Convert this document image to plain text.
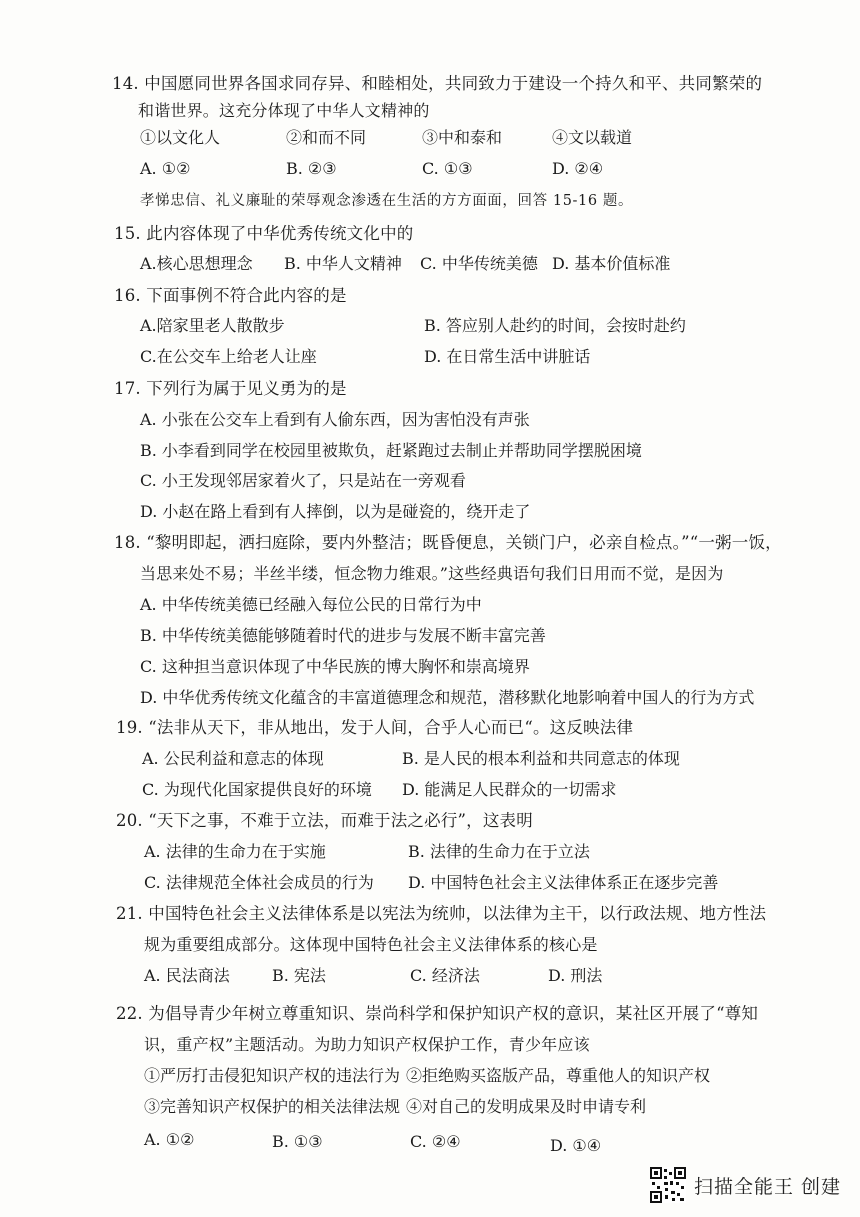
14. 中国愿同世界各国求同存异、和睦相处，共同致力于建设一个持久和平、共同繁荣的
和谐世界。这充分体现了中华人文精神的
①以文化人	②和而不同	③中和泰和	④文以载道
A. ①②	B. ②③	C. ①③	D. ②④
孝悌忠信、礼义廉耻的荣辱观念渗透在生活的方方面面，回答 15-16 题。
15. 此内容体现了中华优秀传统文化中的
A.核心思想理念 B. 中华人文精神 C. 中华传统美德 D. 基本价值标准
16. 下面事例不符合此内容的是
A.陪家里老人散散步	B. 答应别人赴约的时间，会按时赴约
C.在公交车上给老人让座	D. 在日常生活中讲脏话
17. 下列行为属于见义勇为的是
A. 小张在公交车上看到有人偷东西，因为害怕没有声张
B. 小李看到同学在校园里被欺负，赶紧跑过去制止并帮助同学摆脱困境
C. 小王发现邻居家着火了，只是站在一旁观看
D. 小赵在路上看到有人摔倒，以为是碰瓷的，绕开走了
18. “黎明即起，洒扫庭除，要内外整洁；既昏便息，关锁门户，必亲自检点。”“一粥一饭，
当思来处不易；半丝半缕，恒念物力维艰。”这些经典语句我们日用而不觉，是因为
A. 中华传统美德已经融入每位公民的日常行为中
B. 中华传统美德能够随着时代的进步与发展不断丰富完善
C. 这种担当意识体现了中华民族的博大胸怀和崇高境界
D. 中华优秀传统文化蕴含的丰富道德理念和规范，潜移默化地影响着中国人的行为方式
19. “法非从天下，非从地出，发于人间，合乎人心而已“。这反映法律
A. 公民利益和意志的体现	B. 是人民的根本利益和共同意志的体现
C. 为现代化国家提供良好的环境 D. 能满足人民群众的一切需求
20. “天下之事，不难于立法，而难于法之必行”，这表明
A. 法律的生命力在于实施	B. 法律的生命力在于立法
C. 法律规范全体社会成员的行为 D. 中国特色社会主义法律体系正在逐步完善
21. 中国特色社会主义法律体系是以宪法为统帅，以法律为主干，以行政法规、地方性法
规为重要组成部分。这体现中国特色社会主义法律体系的核心是
A. 民法商法	B. 宪法	C. 经济法	D. 刑法
22. 为倡导青少年树立尊重知识、崇尚科学和保护知识产权的意识，某社区开展了“尊知
识，重产权”主题活动。为助力知识产权保护工作，青少年应该
①严厉打击侵犯知识产权的违法行为 ②拒绝购买盗版产品，尊重他人的知识产权
③完善知识产权保护的相关法律法规 ④对自己的发明成果及时申请专利
A. ①②	B. ①③	C. ②④	D. ①④
扫描全能王 创建
